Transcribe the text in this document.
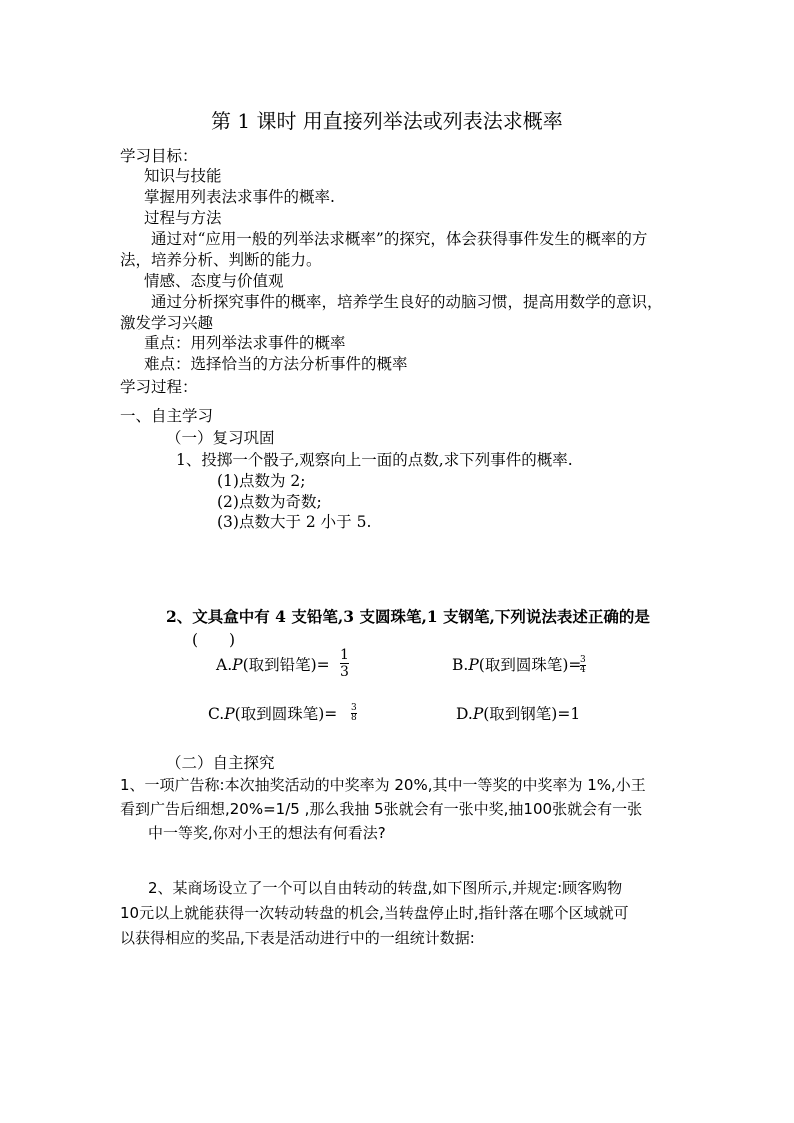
第 1 课时 用直接列举法或列表法求概率
学习目标：
知识与技能
掌握用列表法求事件的概率.
过程与方法
通过对“应用一般的列举法求概率”的探究，体会获得事件发生的概率的方
法，培养分析、判断的能力。
情感、态度与价值观
通过分析探究事件的概率，培养学生良好的动脑习惯，提高用数学的意识，
激发学习兴趣
重点：用列举法求事件的概率
难点：选择恰当的方法分析事件的概率
学习过程：
一、自主学习
（一）复习巩固
1、投掷一个骰子,观察向上一面的点数,求下列事件的概率.
(1)点数为 2;
(2)点数为奇数;
(3)点数大于 2 小于 5.
2、文具盒中有 4 支铅笔,3 支圆珠笔,1 支钢笔,下列说法表述正确的是
(　　)
A.P(取到铅笔)=
1
3	B.P(取到圆珠笔)=
3
4
C.P(取到圆珠笔)= 3
8	D.P(取到钢笔)=1
（二）自主探究
1、一项广告称:本次抽奖活动的中奖率为 20%,其中一等奖的中奖率为 1%,小王
看到广告后细想,20%=1/5 ,那么我抽 5张就会有一张中奖,抽100张就会有一张
中一等奖,你对小王的想法有何看法?
2、某商场设立了一个可以自由转动的转盘,如下图所示,并规定:顾客购物
10元以上就能获得一次转动转盘的机会,当转盘停止时,指针落在哪个区域就可
以获得相应的奖品,下表是活动进行中的一组统计数据:
